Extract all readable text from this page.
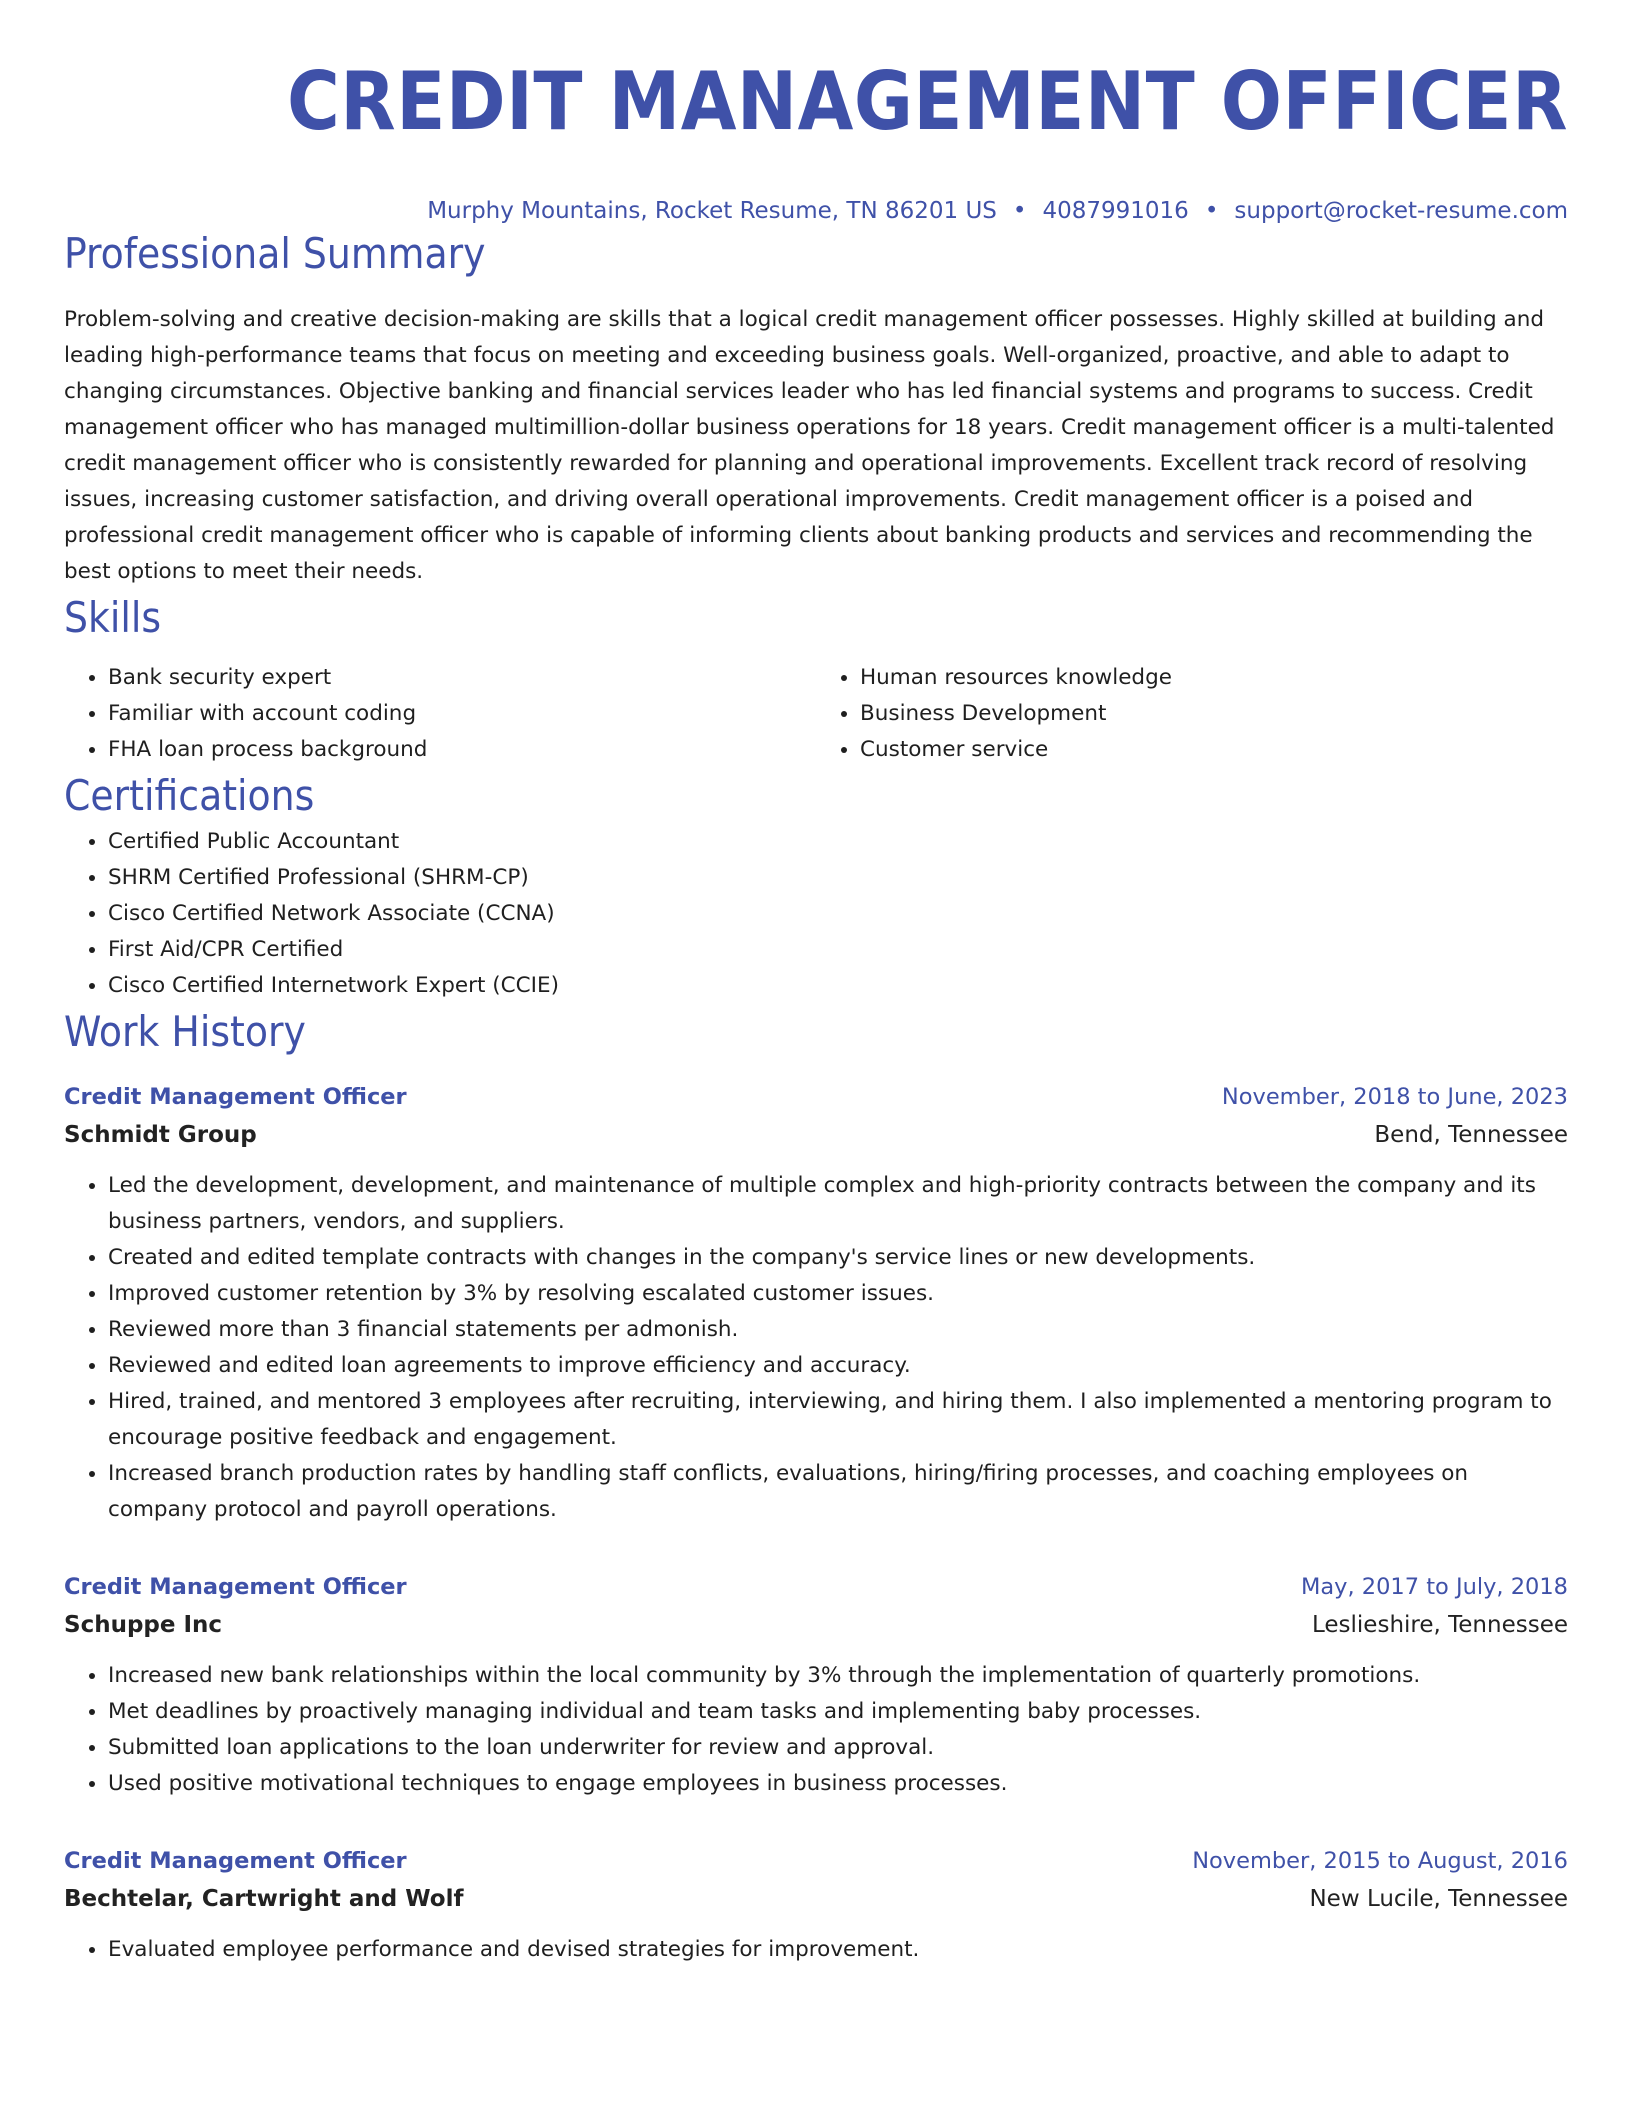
CREDIT MANAGEMENT OFFICER
Murphy Mountains, Rocket Resume, TN 86201 US • 4087991016 • support@rocket-resume.com
Professional Summary

Problem-solving and creative decision-making are skills that a logical credit management officer possesses. Highly skilled at building and leading high-performance teams that focus on meeting and exceeding business goals. Well-organized, proactive, and able to adapt to changing circumstances. Objective banking and financial services leader who has led financial systems and programs to success. Credit management officer who has managed multimillion-dollar business operations for 18 years. Credit management officer is a multi-talented credit management officer who is consistently rewarded for planning and operational improvements. Excellent track record of resolving issues, increasing customer satisfaction, and driving overall operational improvements. Credit management officer is a poised and professional credit management officer who is capable of informing clients about banking products and services and recommending the best options to meet their needs.

Skills
• Bank security expert
• Familiar with account coding
• FHA loan process background
• Human resources knowledge
• Business Development
• Customer service
Certifications
• Certified Public Accountant
• SHRM Certified Professional (SHRM-CP)
• Cisco Certified Network Associate (CCNA)
• First Aid/CPR Certified
• Cisco Certified Internetwork Expert (CCIE)
Work History
Credit Management Officer	November, 2018 to June, 2023
Schmidt Group	Bend, Tennessee
• Led the development, development, and maintenance of multiple complex and high-priority contracts between the company and its business partners, vendors, and suppliers.
• Created and edited template contracts with changes in the company's service lines or new developments.
• Improved customer retention by 3% by resolving escalated customer issues.
• Reviewed more than 3 financial statements per admonish.
• Reviewed and edited loan agreements to improve efficiency and accuracy.
• Hired, trained, and mentored 3 employees after recruiting, interviewing, and hiring them. I also implemented a mentoring program to encourage positive feedback and engagement.
• Increased branch production rates by handling staff conflicts, evaluations, hiring/firing processes, and coaching employees on company protocol and payroll operations.
Credit Management Officer	May, 2017 to July, 2018
Schuppe Inc	Leslieshire, Tennessee
• Increased new bank relationships within the local community by 3% through the implementation of quarterly promotions.
• Met deadlines by proactively managing individual and team tasks and implementing baby processes.
• Submitted loan applications to the loan underwriter for review and approval.
• Used positive motivational techniques to engage employees in business processes.
Credit Management Officer	November, 2015 to August, 2016
Bechtelar, Cartwright and Wolf	New Lucile, Tennessee
• Evaluated employee performance and devised strategies for improvement.
